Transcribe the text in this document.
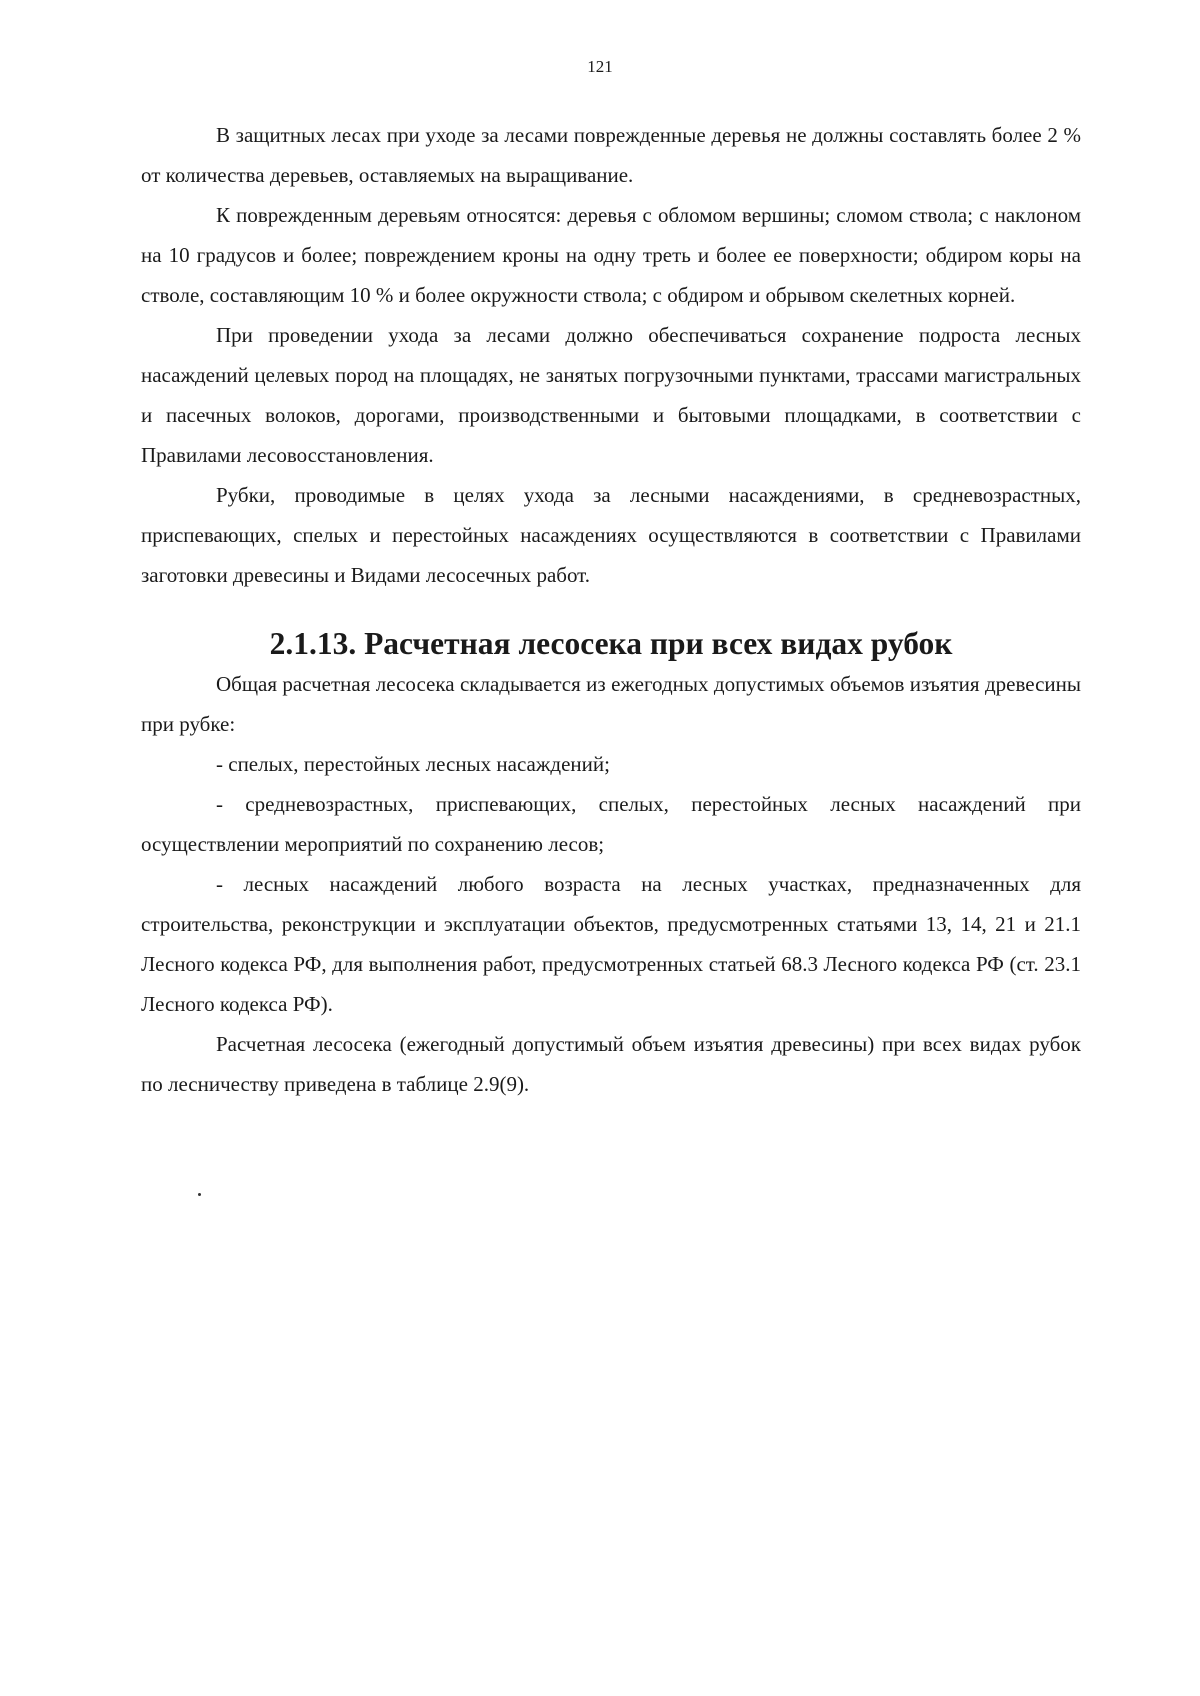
121

В защитных лесах при уходе за лесами поврежденные деревья не должны составлять более 2 % от количества деревьев, оставляемых на выращивание.

К поврежденным деревьям относятся: деревья с обломом вершины; сломом ствола; с наклоном на 10 градусов и более; повреждением кроны на одну треть и более ее поверхности; обдиром коры на стволе, составляющим 10 % и более окружности ствола; с обдиром и обрывом скелетных корней.

При проведении ухода за лесами должно обеспечиваться сохранение подроста лесных насаждений целевых пород на площадях, не занятых погрузочными пунктами, трассами магистральных и пасечных волоков, дорогами, производственными и бытовыми площадками, в соответствии с Правилами лесовосстановления.

Рубки, проводимые в целях ухода за лесными насаждениями, в средневозрастных, приспевающих, спелых и перестойных насаждениях осуществляются в соответствии с Правилами заготовки древесины и Видами лесосечных работ.

2.1.13. Расчетная лесосека при всех видах рубок

Общая расчетная лесосека складывается из ежегодных допустимых объемов изъятия древесины при рубке:

- спелых, перестойных лесных насаждений;

- средневозрастных, приспевающих, спелых, перестойных лесных насаждений при осуществлении мероприятий по сохранению лесов;

- лесных насаждений любого возраста на лесных участках, предназначенных для строительства, реконструкции и эксплуатации объектов, предусмотренных статьями 13, 14, 21 и 21.1 Лесного кодекса РФ, для выполнения работ, предусмотренных статьей 68.3 Лесного кодекса РФ (ст. 23.1 Лесного кодекса РФ).

Расчетная лесосека (ежегодный допустимый объем изъятия древесины) при всех видах рубок по лесничеству приведена в таблице 2.9(9).
